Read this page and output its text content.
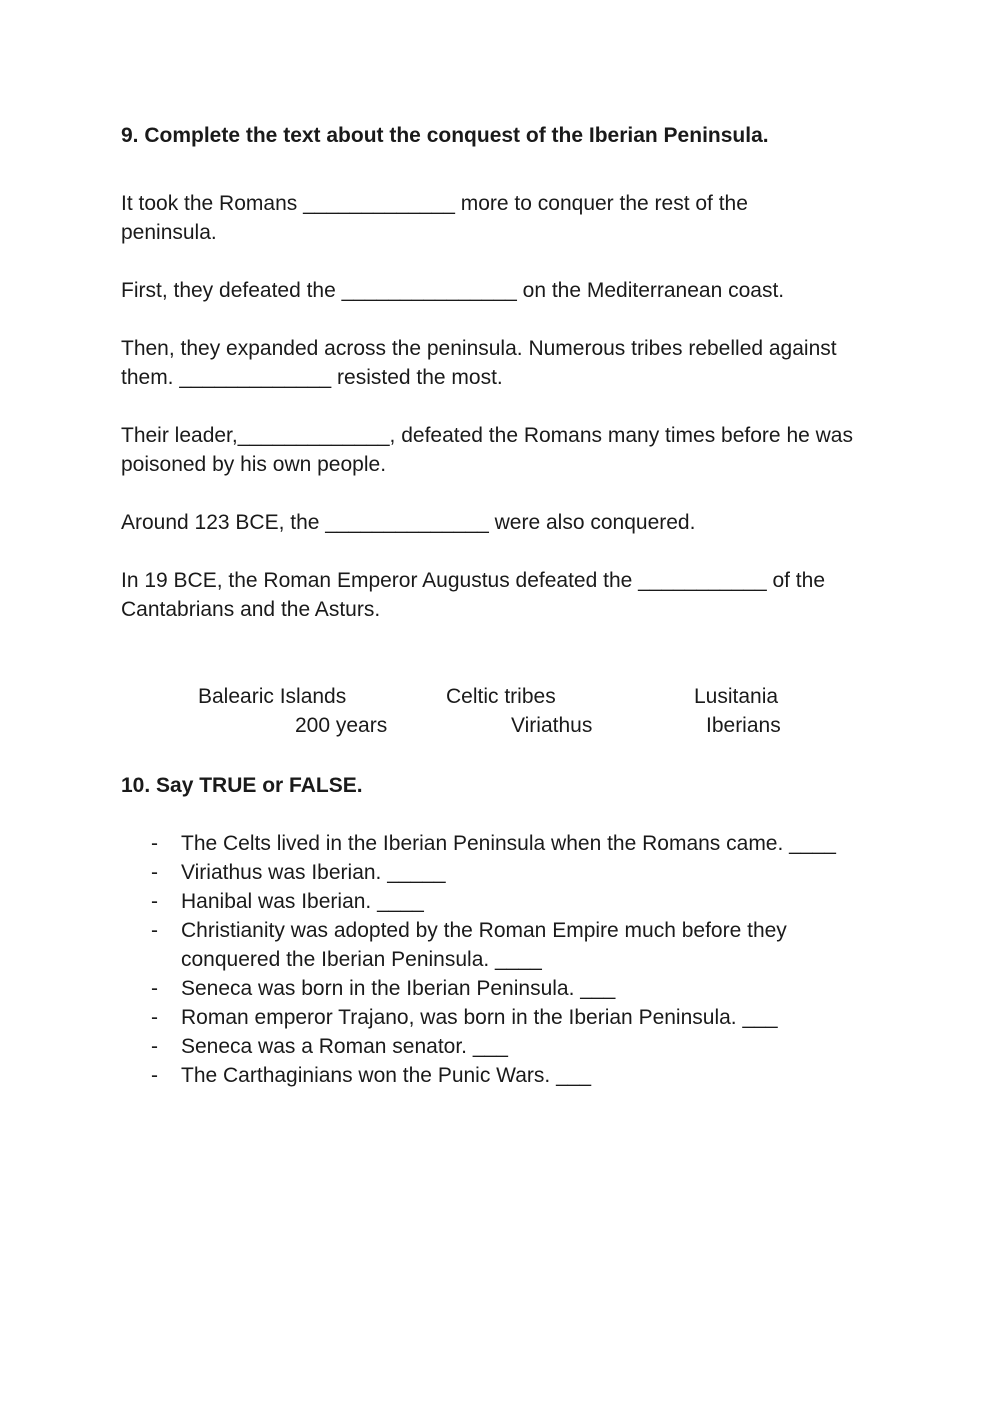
9. Complete the text about the conquest of the Iberian Peninsula.

It took the Romans _____________ more to conquer the rest of the peninsula.

First, they defeated the _______________ on the Mediterranean coast.

Then, they expanded across the peninsula. Numerous tribes rebelled against them. _____________ resisted the most.

Their leader,_____________, defeated the Romans many times before he was poisoned by his own people.

Around 123 BCE, the ______________ were also conquered.

In 19 BCE, the Roman Emperor Augustus defeated the ___________ of the Cantabrians and the Asturs.

Balearic Islands	Celtic tribes	Lusitania
200 years	Viriathus	Iberians

10. Say TRUE or FALSE.

- The Celts lived in the Iberian Peninsula when the Romans came. ____
- Viriathus was Iberian. _____
- Hanibal was Iberian. ____
- Christianity was adopted by the Roman Empire much before they conquered the Iberian Peninsula. ____
- Seneca was born in the Iberian Peninsula. ___
- Roman emperor Trajano, was born in the Iberian Peninsula. ___
- Seneca was a Roman senator. ___
- The Carthaginians won the Punic Wars. ___
